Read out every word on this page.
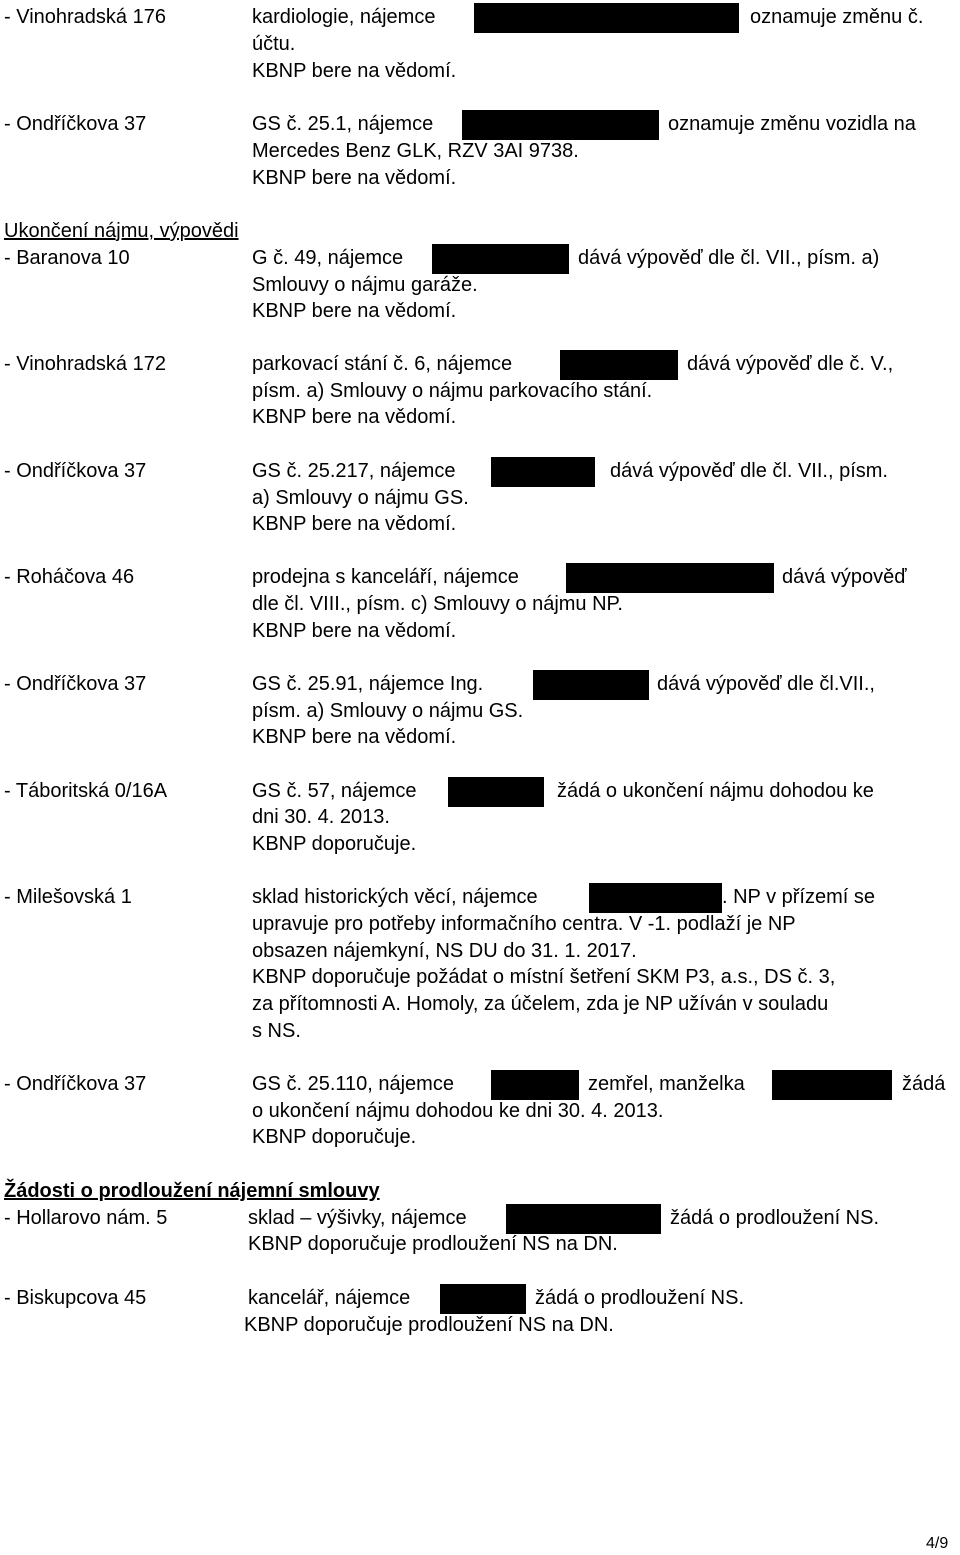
- Vinohradská 176	kardiologie, nájemce	oznamuje změnu č.
účtu.
KBNP bere na vědomí.
- Ondříčkova 37	GS č. 25.1, nájemce	oznamuje změnu vozidla na
Mercedes Benz GLK, RZV 3AI 9738.
KBNP bere na vědomí.
Ukončení nájmu, výpovědi
- Baranova 10	G č. 49, nájemce	dává výpověď dle čl. VII., písm. a)
Smlouvy o nájmu garáže.
KBNP bere na vědomí.
- Vinohradská 172	parkovací stání č. 6, nájemce	dává výpověď dle č. V.,
písm. a) Smlouvy o nájmu parkovacího stání.
KBNP bere na vědomí.
- Ondříčkova 37	GS č. 25.217, nájemce	dává výpověď dle čl. VII., písm.
a) Smlouvy o nájmu GS.
KBNP bere na vědomí.
- Roháčova 46	prodejna s kanceláří, nájemce	dává výpověď
dle čl. VIII., písm. c) Smlouvy o nájmu NP.
KBNP bere na vědomí.
- Ondříčkova 37	GS č. 25.91, nájemce Ing.	dává výpověď dle čl.VII.,
písm. a) Smlouvy o nájmu GS.
KBNP bere na vědomí.
- Táboritská 0/16A	GS č. 57, nájemce	žádá o ukončení nájmu dohodou ke
dni 30. 4. 2013.
KBNP doporučuje.
- Milešovská 1	sklad historických věcí, nájemce	. NP v přízemí se
upravuje pro potřeby informačního centra. V -1. podlaží je NP
obsazen nájemkyní, NS DU do 31. 1. 2017.
KBNP doporučuje požádat o místní šetření SKM P3, a.s., DS č. 3,
za přítomnosti A. Homoly, za účelem, zda je NP užíván v souladu
s NS.
- Ondříčkova 37	GS č. 25.110, nájemce	zemřel, manželka	žádá
o ukončení nájmu dohodou ke dni 30. 4. 2013.
KBNP doporučuje.
Žádosti o prodloužení nájemní smlouvy
- Hollarovo nám. 5	sklad – výšivky, nájemce	žádá o prodloužení NS.
KBNP doporučuje prodloužení NS na DN.
- Biskupcova 45	kancelář, nájemce	žádá o prodloužení NS.
KBNP doporučuje prodloužení NS na DN.
4/9
